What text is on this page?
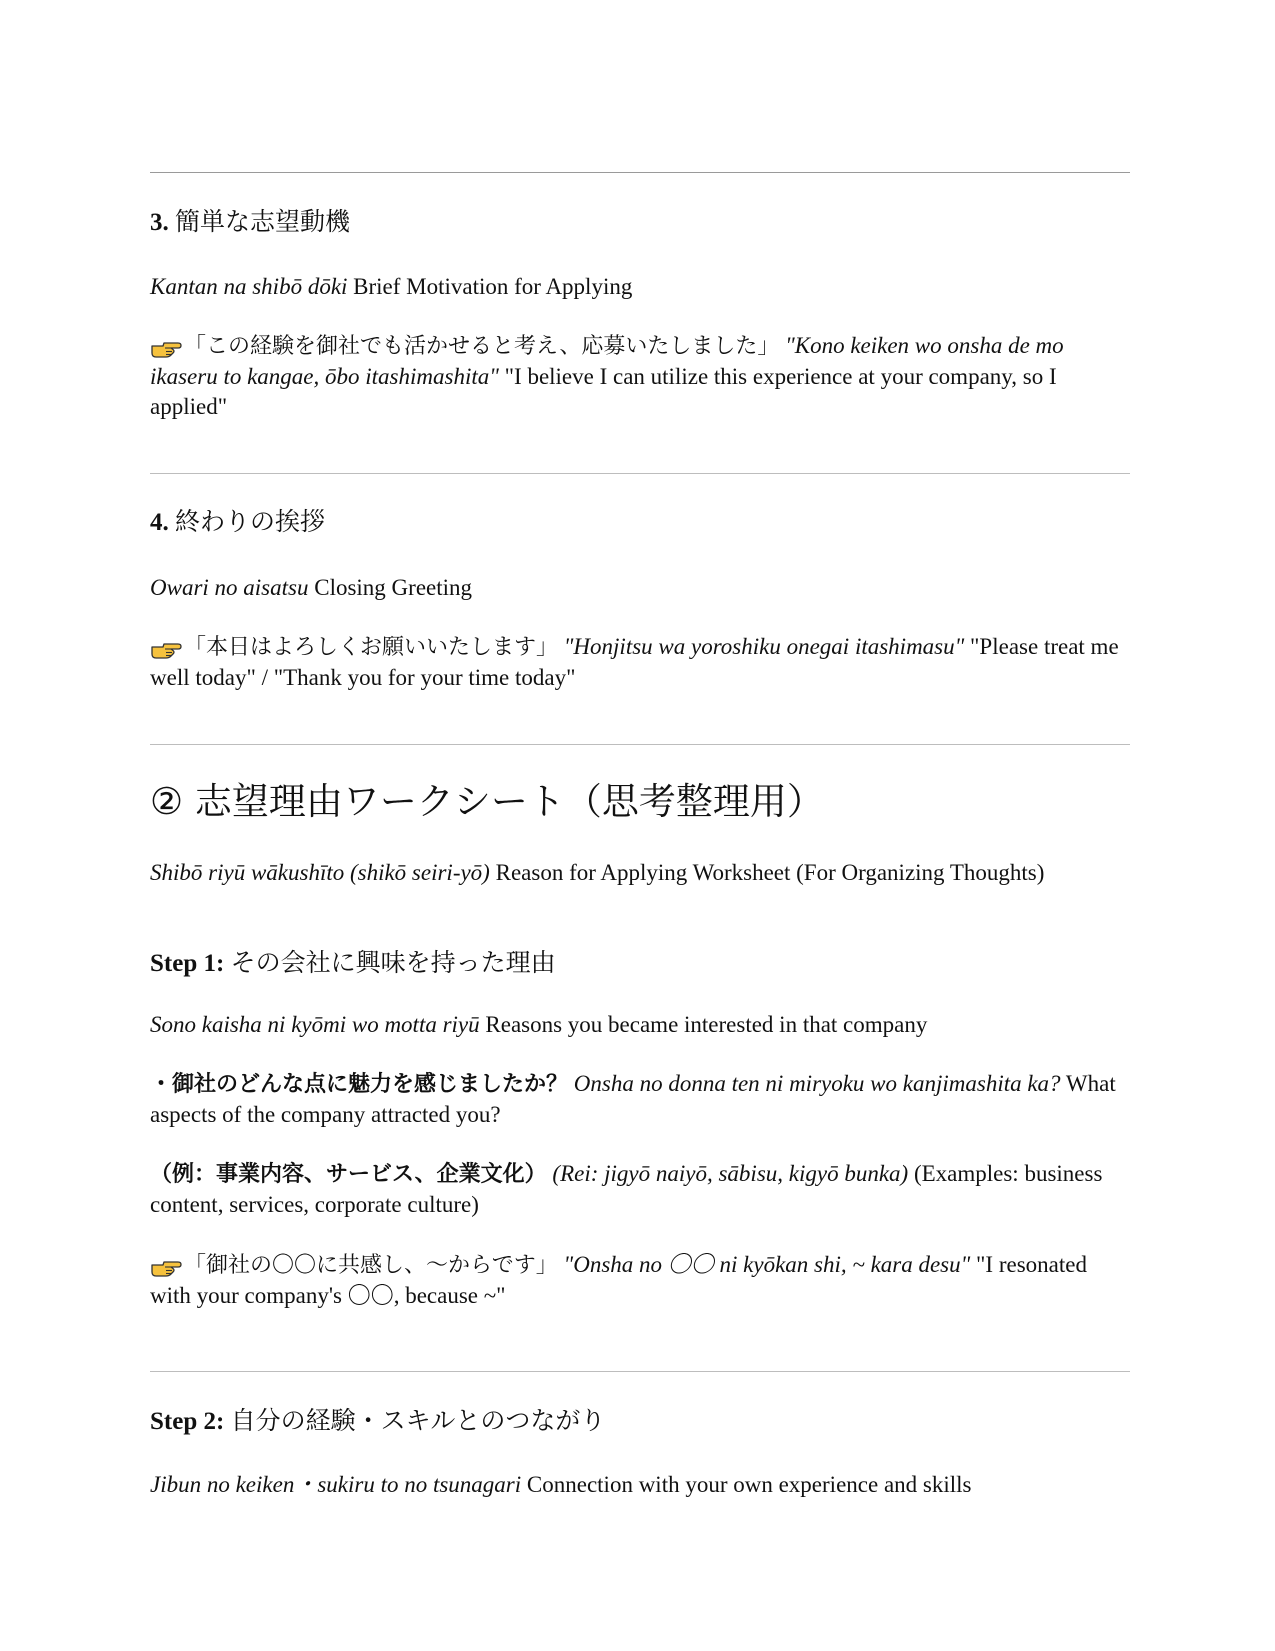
3. 簡単な志望動機

Kantan na shibō dōki Brief Motivation for Applying

「この経験を御社でも活かせると考え、応募いたしました」 "Kono keiken wo onsha de mo ikaseru to kangae, ōbo itashimashita" "I believe I can utilize this experience at your company, so I applied"

4. 終わりの挨拶

Owari no aisatsu Closing Greeting

「本日はよろしくお願いいたします」 "Honjitsu wa yoroshiku onegai itashimasu" "Please treat me well today" / "Thank you for your time today"

② 志望理由ワークシート（思考整理用）

Shibō riyū wākushīto (shikō seiri-yō) Reason for Applying Worksheet (For Organizing Thoughts)

Step 1: その会社に興味を持った理由

Sono kaisha ni kyōmi wo motta riyū Reasons you became interested in that company

・御社のどんな点に魅力を感じましたか？ Onsha no donna ten ni miryoku wo kanjimashita ka? What aspects of the company attracted you?

（例：事業内容、サービス、企業文化） (Rei: jigyō naiyō, sābisu, kigyō bunka) (Examples: business content, services, corporate culture)

「御社の〇〇に共感し、〜からです」 "Onsha no 〇〇 ni kyōkan shi, ~ kara desu" "I resonated with your company's 〇〇, because ~"

Step 2: 自分の経験・スキルとのつながり

Jibun no keiken・sukiru to no tsunagari Connection with your own experience and skills
